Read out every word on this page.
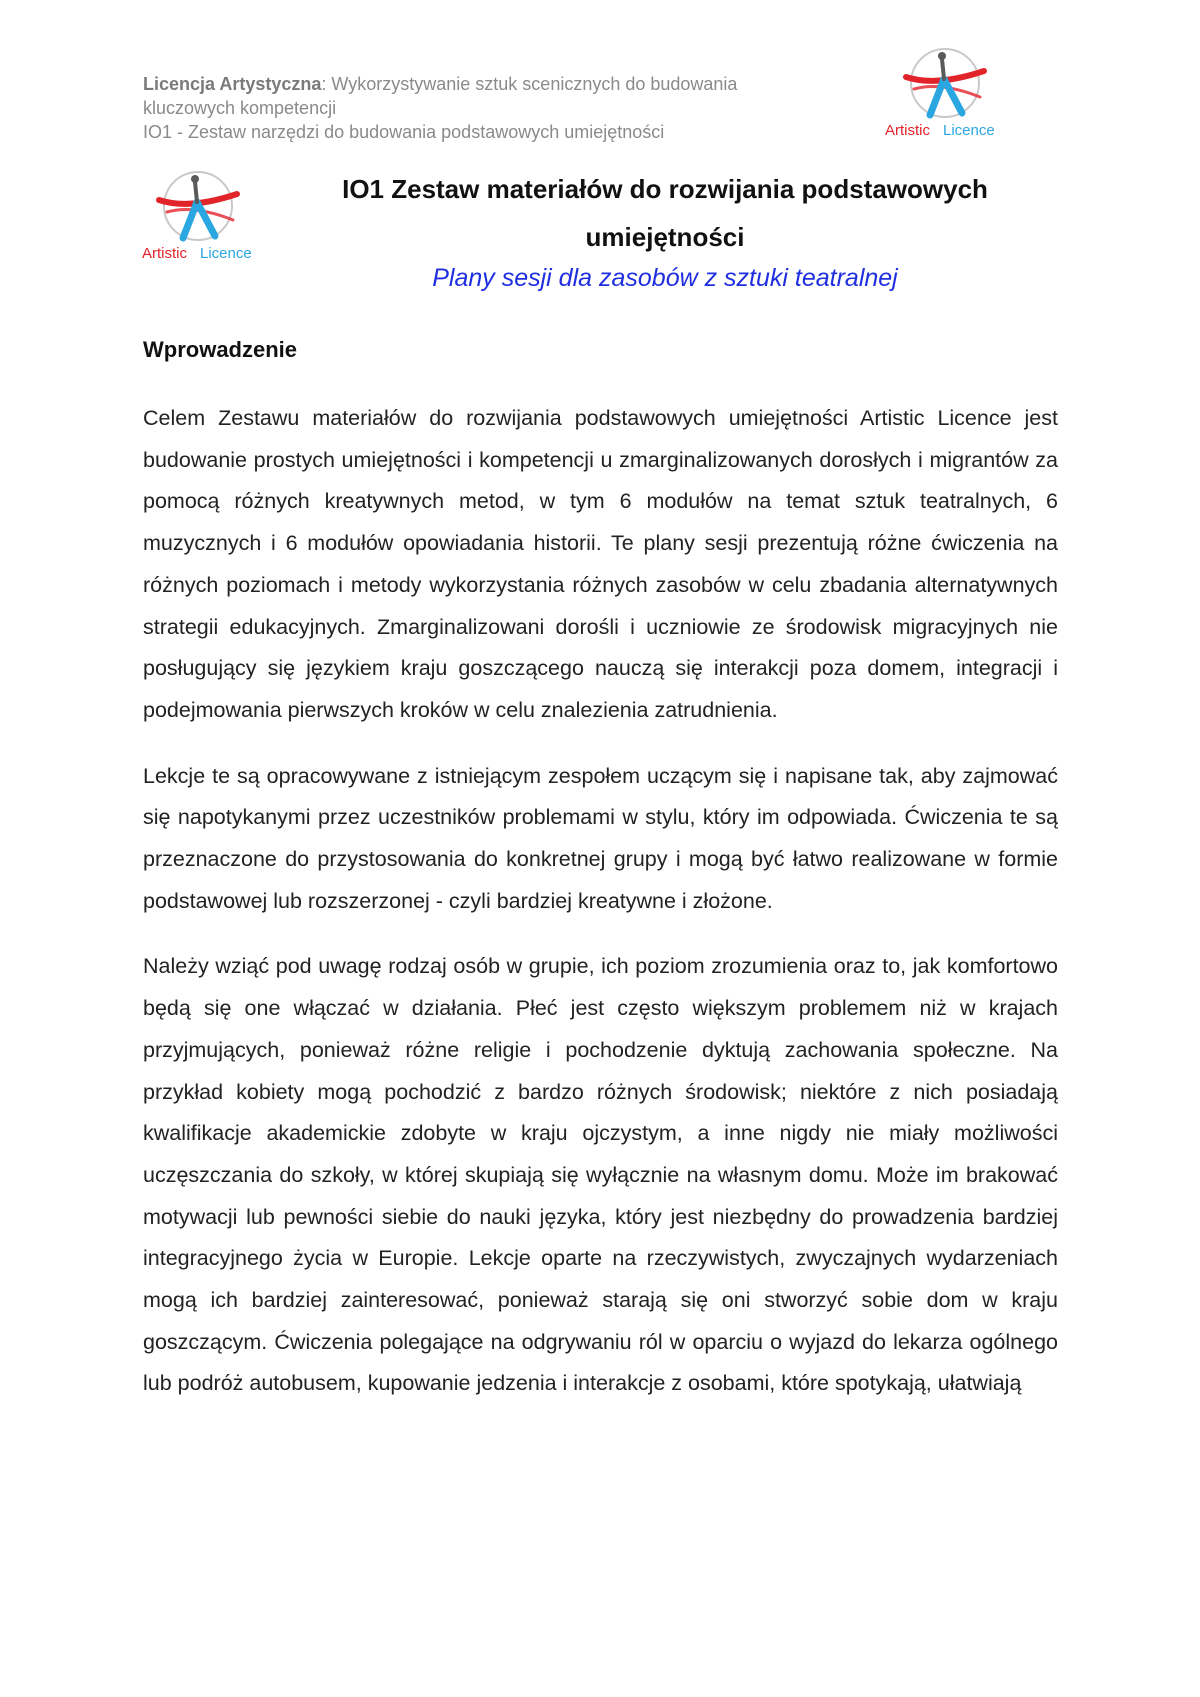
Licencja Artystyczna: Wykorzystywanie sztuk scenicznych do budowania
kluczowych kompetencji
IO1 - Zestaw narzędzi do budowania podstawowych umiejętności	Artistic Licence
Artistic Licence
IO1 Zestaw materiałów do rozwijania podstawowych
umiejętności
Plany sesji dla zasobów z sztuki teatralnej
Wprowadzenie

Celem Zestawu materiałów do rozwijania podstawowych umiejętności Artistic Licence jest budowanie prostych umiejętności i kompetencji u zmarginalizowanych dorosłych i migrantów za pomocą różnych kreatywnych metod, w tym 6 modułów na temat sztuk teatralnych, 6 muzycznych i 6 modułów opowiadania historii. Te plany sesji prezentują różne ćwiczenia na różnych poziomach i metody wykorzystania różnych zasobów w celu zbadania alternatywnych strategii edukacyjnych. Zmarginalizowani dorośli i uczniowie ze środowisk migracyjnych nie posługujący się językiem kraju goszczącego nauczą się interakcji poza domem, integracji i podejmowania pierwszych kroków w celu znalezienia zatrudnienia.

Lekcje te są opracowywane z istniejącym zespołem uczącym się i napisane tak, aby zajmować się napotykanymi przez uczestników problemami w stylu, który im odpowiada. Ćwiczenia te są przeznaczone do przystosowania do konkretnej grupy i mogą być łatwo realizowane w formie podstawowej lub rozszerzonej - czyli bardziej kreatywne i złożone.

Należy wziąć pod uwagę rodzaj osób w grupie, ich poziom zrozumienia oraz to, jak komfortowo będą się one włączać w działania. Płeć jest często większym problemem niż w krajach przyjmujących, ponieważ różne religie i pochodzenie dyktują zachowania społeczne. Na przykład kobiety mogą pochodzić z bardzo różnych środowisk; niektóre z nich posiadają kwalifikacje akademickie zdobyte w kraju ojczystym, a inne nigdy nie miały możliwości uczęszczania do szkoły, w której skupiają się wyłącznie na własnym domu. Może im brakować motywacji lub pewności siebie do nauki języka, który jest niezbędny do prowadzenia bardziej integracyjnego życia w Europie. Lekcje oparte na rzeczywistych, zwyczajnych wydarzeniach mogą ich bardziej zainteresować, ponieważ starają się oni stworzyć sobie dom w kraju goszczącym. Ćwiczenia polegające na odgrywaniu ról w oparciu o wyjazd do lekarza ogólnego lub podróż autobusem, kupowanie jedzenia i interakcje z osobami, które spotykają, ułatwiają
